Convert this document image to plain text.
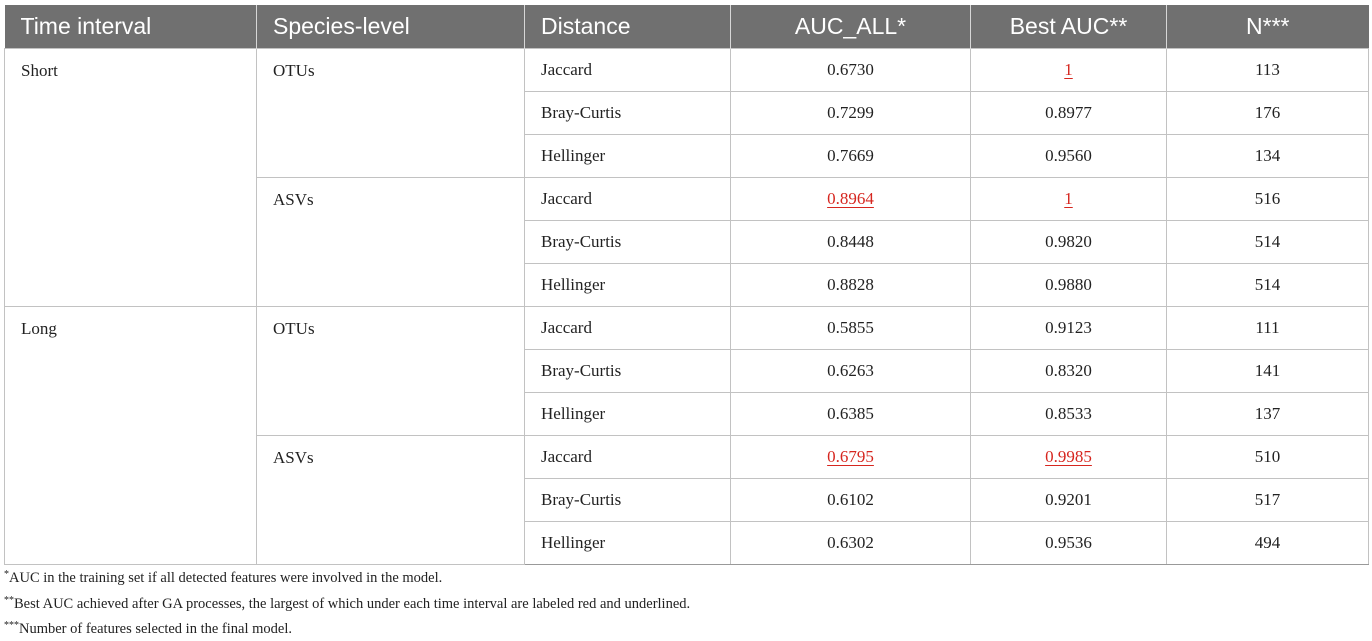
Time interval	Species-level	Distance	AUC_ALL*	Best AUC**	N***
Short	OTUs	Jaccard	0.6730	1	113
		Bray-Curtis	0.7299	0.8977	176
		Hellinger	0.7669	0.9560	134
	ASVs	Jaccard	0.8964	1	516
		Bray-Curtis	0.8448	0.9820	514
		Hellinger	0.8828	0.9880	514
Long	OTUs	Jaccard	0.5855	0.9123	111
		Bray-Curtis	0.6263	0.8320	141
		Hellinger	0.6385	0.8533	137
	ASVs	Jaccard	0.6795	0.9985	510
		Bray-Curtis	0.6102	0.9201	517
		Hellinger	0.6302	0.9536	494
*AUC in the training set if all detected features were involved in the model.
**Best AUC achieved after GA processes, the largest of which under each time interval are labeled red and underlined.
***Number of features selected in the final model.
